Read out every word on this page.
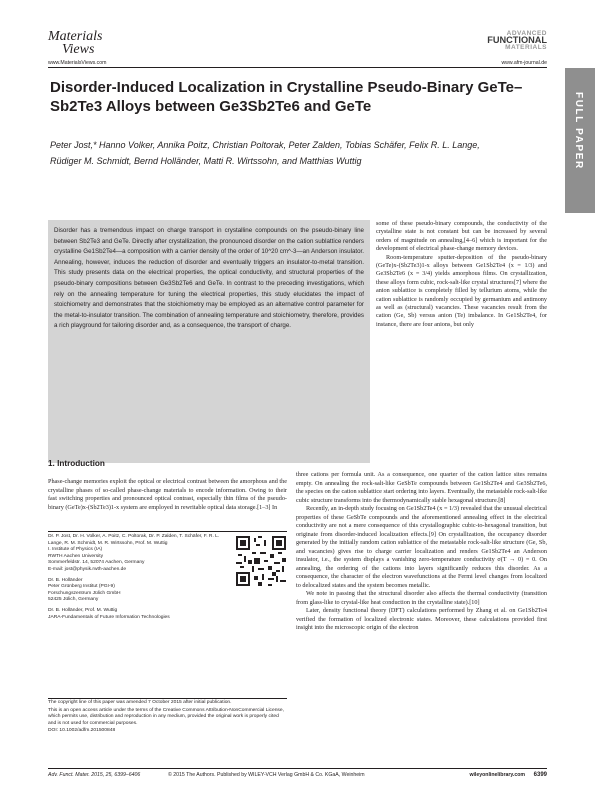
Materials
Views
www.MaterialsViews.com
ADVANCED
FUNCTIONAL
MATERIALS
www.afm-journal.de
FULL PAPER
Disorder-Induced Localization in Crystalline Pseudo-Binary GeTe–Sb2Te3 Alloys between Ge3Sb2Te6 and GeTe
Peter Jost,* Hanno Volker, Annika Poitz, Christian Poltorak, Peter Zalden, Tobias Schäfer, Felix R. L. Lange, Rüdiger M. Schmidt, Bernd Holländer, Matti R. Wirtssohn, and Matthias Wuttig
Disorder has a tremendous impact on charge transport in crystalline compounds on the pseudo-binary line between Sb2Te3 and GeTe. Directly after crystallization, the pronounced disorder on the cation sublattice renders crystalline Ge1Sb2Te4—a composition with a carrier density of the order of 10^20 cm^-3—an Anderson insulator. Annealing, however, induces the reduction of disorder and eventually triggers an insulator-to-metal transition. This study presents data on the electrical properties, the optical conductivity, and structural properties of the pseudo-binary compositions between Ge3Sb2Te6 and GeTe. In contrast to the preceding investigations, which rely on the annealing temperature for tuning the electrical properties, this study elucidates the impact of stoichiometry and demonstrates that the stoichiometry may be employed as an alternative control parameter for the metal-to-insulator transition. The combination of annealing temperature and stoichiometry, therefore, provides a rich playground for tailoring disorder and, as a consequence, the transport of charge.

some of these pseudo-binary compounds, the conductivity of the crystalline state is not constant but can be increased by several orders of magnitude on annealing,[4–6] which is important for the development of electrical phase-change memory devices.

Room-temperature sputter-deposition of the pseudo-binary (GeTe)x-(Sb2Te3)1-x alloys between Ge1Sb2Te4 (x = 1/3) and Ge3Sb2Te6 (x = 3/4) yields amorphous films. On crystallization, these alloys form cubic, rock-salt-like crystal structures[7] where the anion sublattice is completely filled by tellurium atoms, while the cation sublattice is randomly occupied by germanium and antimony as well as (structural) vacancies. These vacancies result from the cation (Ge, Sb) versus anion (Te) imbalance. In Ge1Sb2Te4, for instance, there are four anions, but only

1. Introduction
Phase-change memories exploit the optical or electrical contrast between the amorphous and the crystalline phases of so-called phase-change materials to encode information. Owing to their fast switching properties and pronounced optical contrast, especially thin films of the pseudo-binary (GeTe)x-(Sb2Te3)1-x system are employed in rewritable optical data storage.[1–3] In
Dr. P. Jost, Dr. H. Volker, A. Poitz, C. Poltorak, Dr. P. Zalden, T. Schäfer, F. R. L. Lange, R. M. Schmidt, M. R. Wirtssohn, Prof. M. Wuttig
I. Institute of Physics (IA)
RWTH Aachen University
Sommerfeldstr. 14, 52074 Aachen, Germany
E-mail: jost@physik.rwth-aachen.de
Dr. B. Holländer
Peter Grünberg Institut (PGI-9)
Forschungszentrum Jülich GmbH
52425 Jülich, Germany
Dr. B. Holländer, Prof. M. Wuttig
JARA-Fundamentals of Future Information Technologies

The copyright line of this paper was amended 7 October 2015 after initial publication.

This is an open access article under the terms of the Creative Commons Attribution-NonCommercial License, which permits use, distribution and reproduction in any medium, provided the original work is properly cited and is not used for commercial purposes.

DOI: 10.1002/adfm.201500848

three cations per formula unit. As a consequence, one quarter of the cation lattice sites remains empty. On annealing the rock-salt-like GeSbTe compounds between Ge1Sb2Te4 and Ge3Sb2Te6, the species on the cation sublattice start ordering into layers. Eventually, the metastable rock-salt-like cubic structure transforms into the thermodynamically stable hexagonal structure.[8]

Recently, an in-depth study focusing on Ge1Sb2Te4 (x = 1/3) revealed that the unusual electrical properties of these GeSbTe compounds and the aforementioned annealing effect in the electrical conductivity are not a mere consequence of this crystallographic cubic-to-hexagonal transition, but originate from disorder-induced localization effects.[9] On crystallization, the occupancy disorder generated by the initially random cation sublattice of the metastable rock-salt-like structure (Ge, Sb, and vacancies) gives rise to charge carrier localization and renders Ge1Sb2Te4 an Anderson insulator, i.e., the system displays a vanishing zero-temperature conductivity σ(T → 0) = 0. On annealing, the ordering of the cations into layers significantly reduces this disorder. As a consequence, the character of the electron wavefunctions at the Fermi level changes from localized to delocalized states and the system becomes metallic.

We note in passing that the structural disorder also affects the thermal conductivity (transition from glass-like to crystal-like heat conduction in the crystalline state).[10]

Later, density functional theory (DFT) calculations performed by Zhang et al. on Ge1Sb2Te4 verified the formation of localized electronic states. Moreover, these calculations provided first insight into the microscopic origin of the electron

Adv. Funct. Mater. 2015, 25, 6399–6406	© 2015 The Authors. Published by WILEY-VCH Verlag GmbH & Co. KGaA, Weinheim	wileyonlinelibrary.com 6399
